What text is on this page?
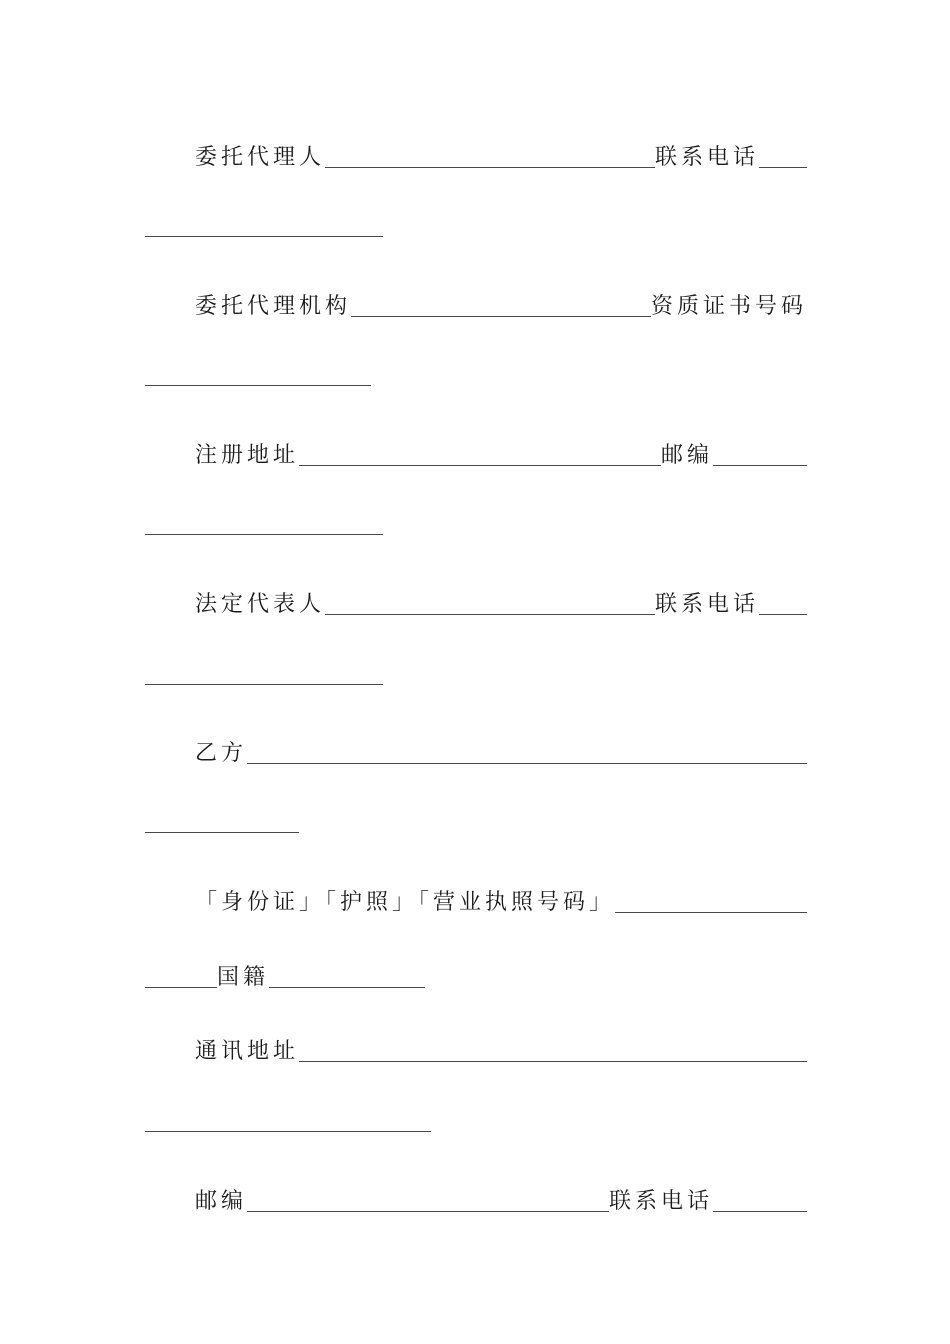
委托代理人	联系电话
委托代理机构	资质证书号码
注册地址	邮编
法定代表人	联系电话
乙方
「身份证」「护照」「营业执照号码」
国籍
通讯地址
邮编	联系电话
